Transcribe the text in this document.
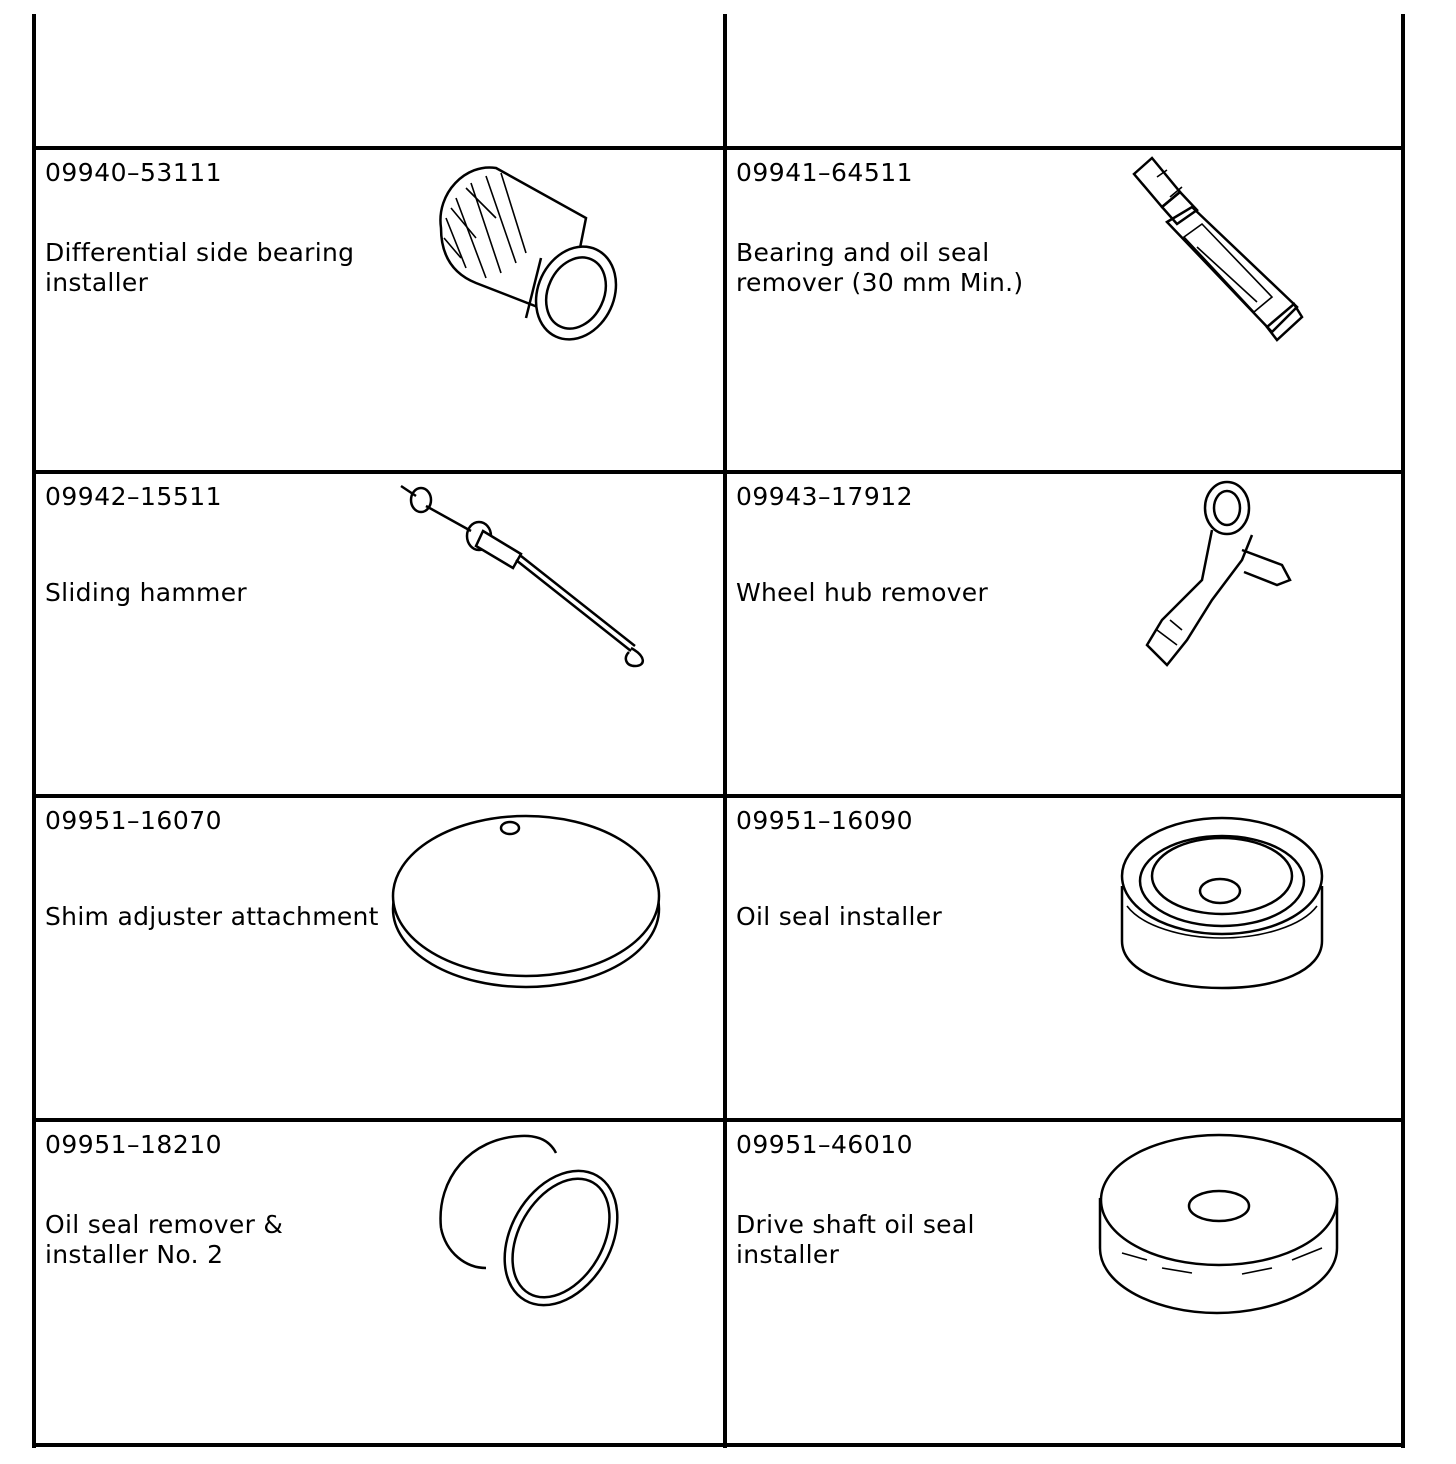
09940–53111
Differential side bearing installer
09941–64511
Bearing and oil seal remover (30 mm Min.)
09942–15511
Sliding hammer
09943–17912
Wheel hub remover
09951–16070
Shim adjuster attachment
09951–16090
Oil seal installer
09951–18210
Oil seal remover &
installer No. 2
09951–46010
Drive shaft oil seal
installer
